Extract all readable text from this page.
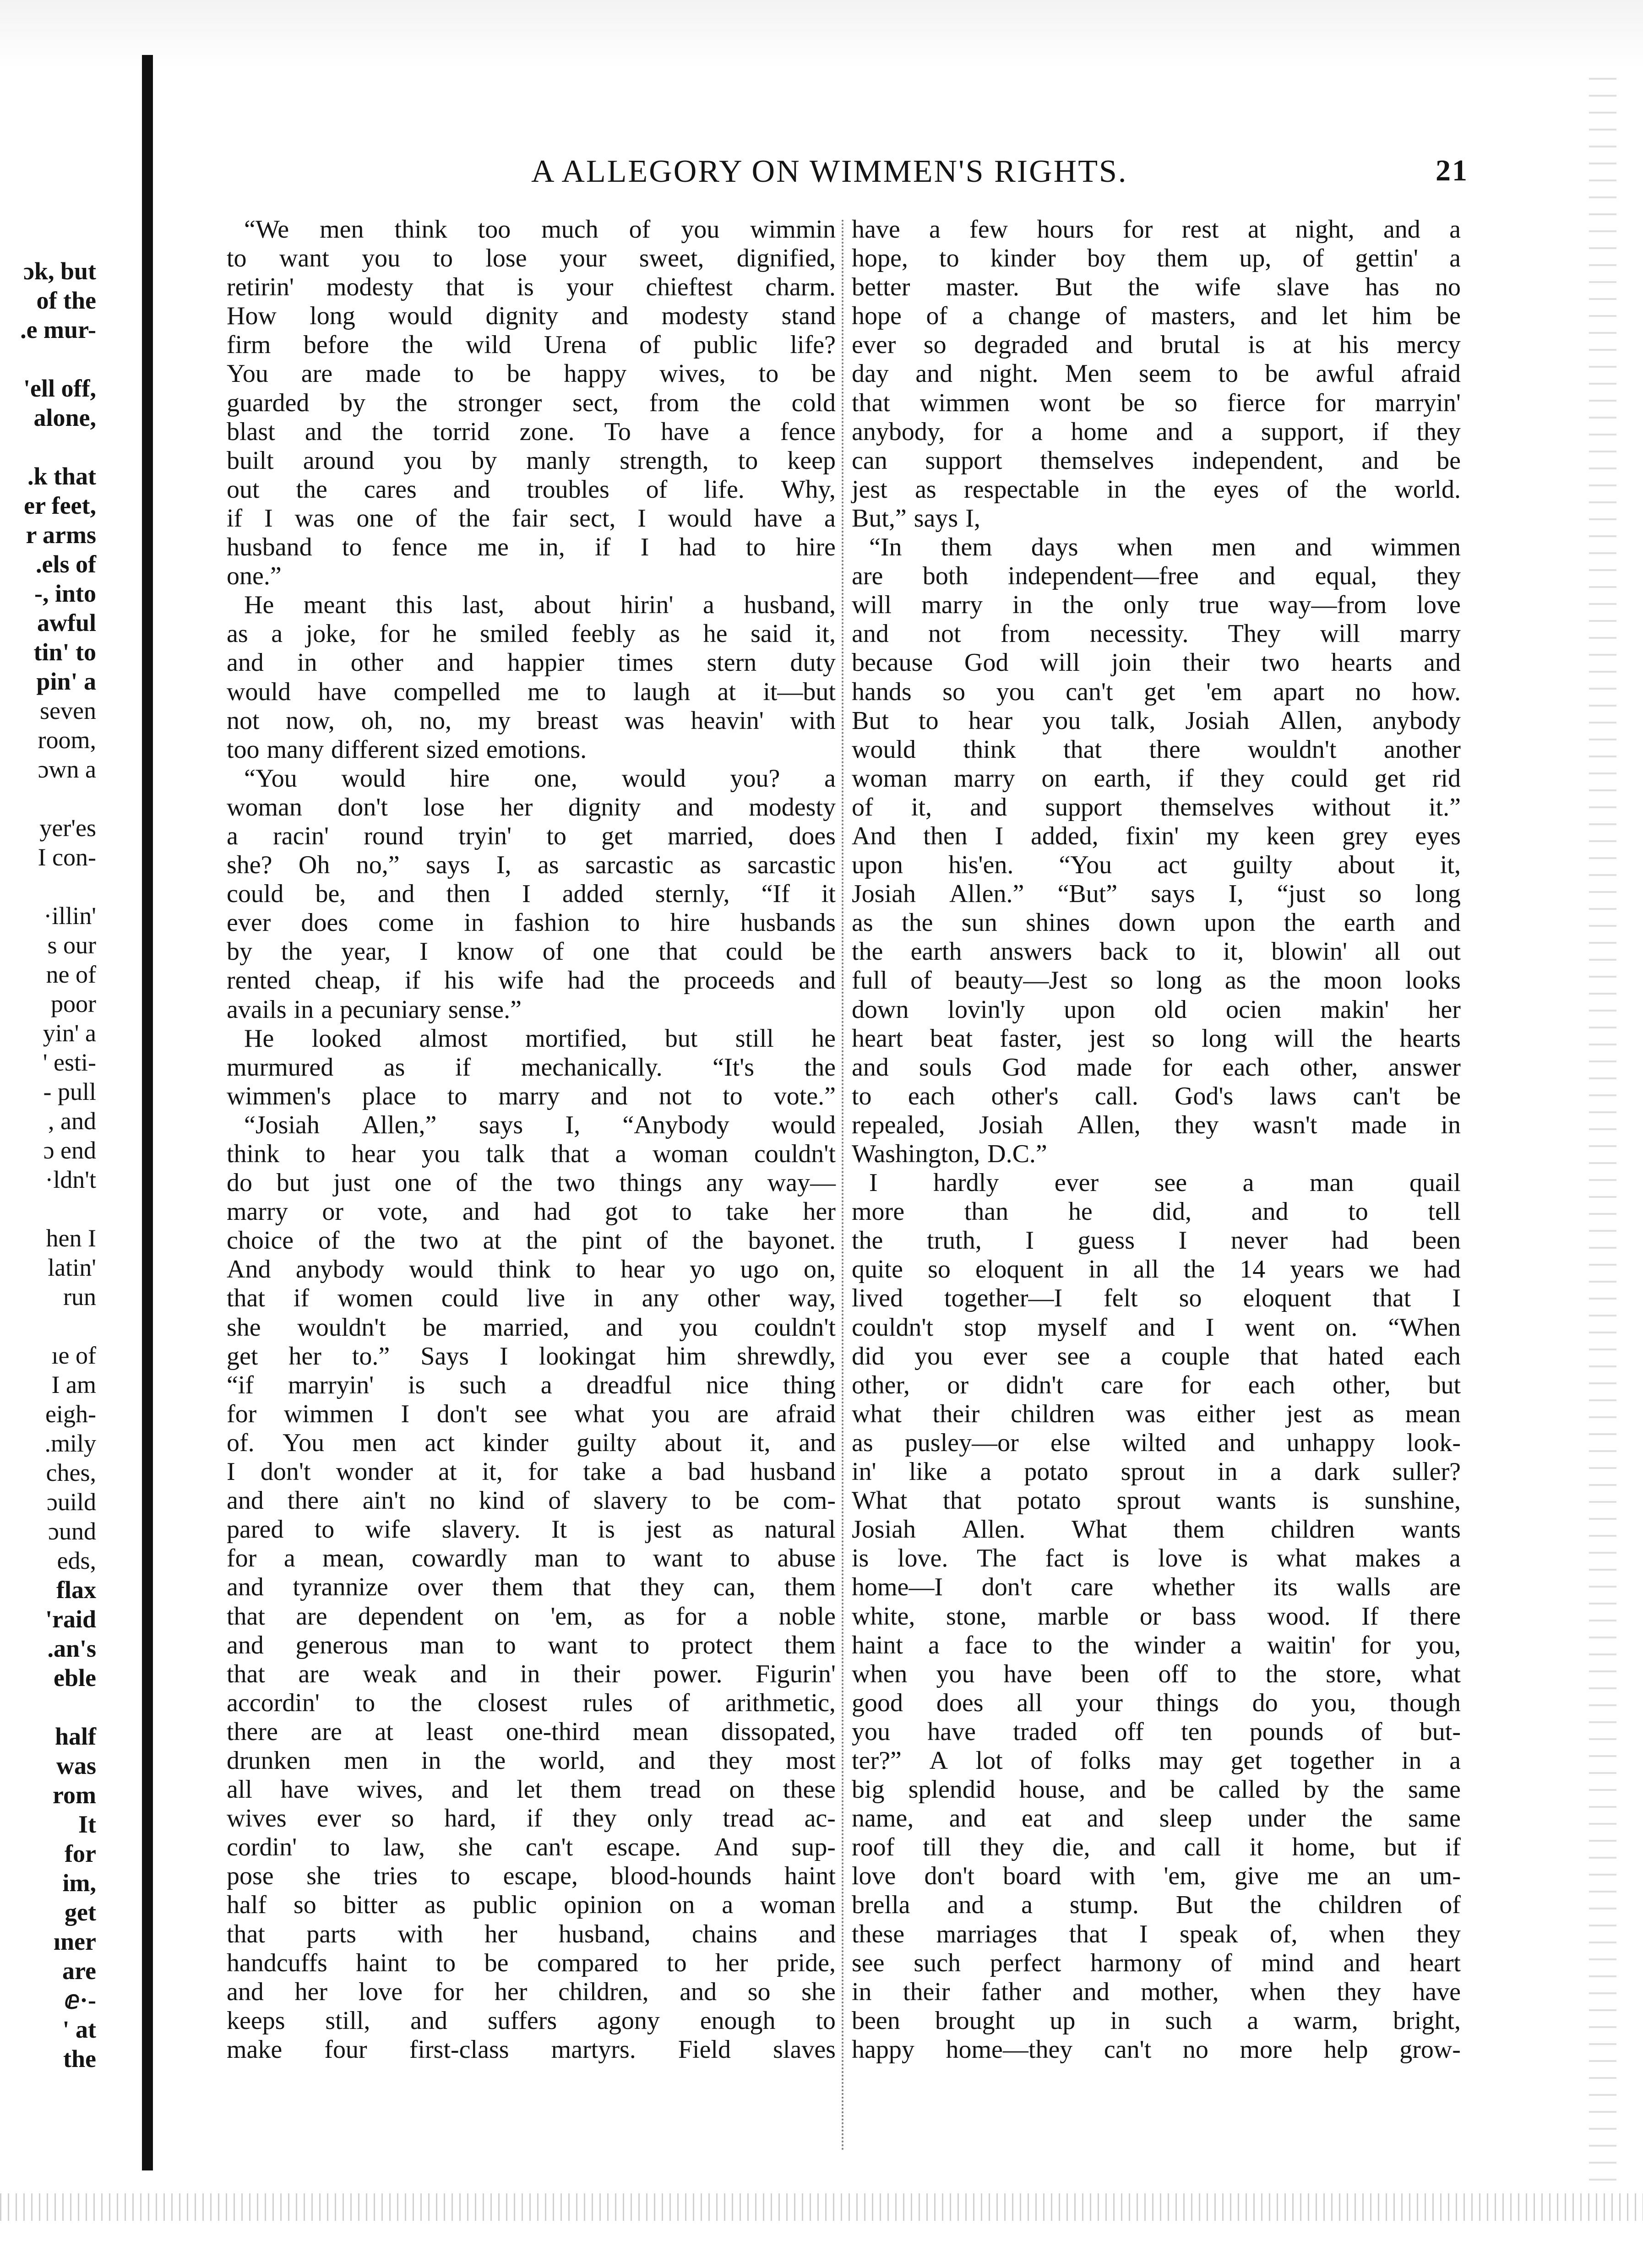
A ALLEGORY ON WIMMEN'S RIGHTS.	21
ɔk, but
of the
.e mur-
'ell off,
alone,
.k that
er feet,
r arms
.els of
-, into
awful
tin' to
pin' a
seven
room,
ɔwn a
yer'es
I con-
·illin'
s our
ne of
poor
yin' a
' esti-
- pull
, and
ɔ end
·ldn't
hen I
latin'
run
ıe of
I am
eigh-
.mily
ches,
ɔuild
ɔund
eds,
flax
'raid
.an's
eble
half
was
rom
It
for
im,
get
ıner
are
ⅇ·-
' at
the
“We men think too much of you wimmin
to want you to lose your sweet, dignified,
retirin' modesty that is your chieftest charm.
How long would dignity and modesty stand
firm before the wild Urena of public life?
You are made to be happy wives, to be
guarded by the stronger sect, from the cold
blast and the torrid zone. To have a fence
built around you by manly strength, to keep
out the cares and troubles of life. Why,
if I was one of the fair sect, I would have a
husband to fence me in, if I had to hire
one.”
He meant this last, about hirin' a husband,
as a joke, for he smiled feebly as he said it,
and in other and happier times stern duty
would have compelled me to laugh at it—but
not now, oh, no, my breast was heavin' with
too many different sized emotions.
“You would hire one, would you? a
woman don't lose her dignity and modesty
a racin' round tryin' to get married, does
she? Oh no,” says I, as sarcastic as sarcastic
could be, and then I added sternly, “If it
ever does come in fashion to hire husbands
by the year, I know of one that could be
rented cheap, if his wife had the proceeds and
avails in a pecuniary sense.”
He looked almost mortified, but still he
murmured as if mechanically. “It's the
wimmen's place to marry and not to vote.”
“Josiah Allen,” says I, “Anybody would
think to hear you talk that a woman couldn't
do but just one of the two things any way—
marry or vote, and had got to take her
choice of the two at the pint of the bayonet.
And anybody would think to hear yo ugo on,
that if women could live in any other way,
she wouldn't be married, and you couldn't
get her to.” Says I lookingat him shrewdly,
“if marryin' is such a dreadful nice thing
for wimmen I don't see what you are afraid
of. You men act kinder guilty about it, and
I don't wonder at it, for take a bad husband
and there ain't no kind of slavery to be com-
pared to wife slavery. It is jest as natural
for a mean, cowardly man to want to abuse
and tyrannize over them that they can, them
that are dependent on 'em, as for a noble
and generous man to want to protect them
that are weak and in their power. Figurin'
accordin' to the closest rules of arithmetic,
there are at least one-third mean dissopated,
drunken men in the world, and they most
all have wives, and let them tread on these
wives ever so hard, if they only tread ac-
cordin' to law, she can't escape. And sup-
pose she tries to escape, blood-hounds haint
half so bitter as public opinion on a woman
that parts with her husband, chains and
handcuffs haint to be compared to her pride,
and her love for her children, and so she
keeps still, and suffers agony enough to
make four first-class martyrs. Field slaves
have a few hours for rest at night, and a
hope, to kinder boy them up, of gettin' a
better master. But the wife slave has no
hope of a change of masters, and let him be
ever so degraded and brutal is at his mercy
day and night. Men seem to be awful afraid
that wimmen wont be so fierce for marryin'
anybody, for a home and a support, if they
can support themselves independent, and be
jest as respectable in the eyes of the world.
But,” says I,
“In them days when men and wimmen
are both independent—free and equal, they
will marry in the only true way—from love
and not from necessity. They will marry
because God will join their two hearts and
hands so you can't get 'em apart no how.
But to hear you talk, Josiah Allen, anybody
would think that there wouldn't another
woman marry on earth, if they could get rid
of it, and support themselves without it.”
And then I added, fixin' my keen grey eyes
upon his'en. “You act guilty about it,
Josiah Allen.” “But” says I, “just so long
as the sun shines down upon the earth and
the earth answers back to it, blowin' all out
full of beauty—Jest so long as the moon looks
down lovin'ly upon old ocien makin' her
heart beat faster, jest so long will the hearts
and souls God made for each other, answer
to each other's call. God's laws can't be
repealed, Josiah Allen, they wasn't made in
Washington, D.C.”
I hardly ever see a man quail
more than he did, and to tell
the truth, I guess I never had been
quite so eloquent in all the 14 years we had
lived together—I felt so eloquent that I
couldn't stop myself and I went on. “When
did you ever see a couple that hated each
other, or didn't care for each other, but
what their children was either jest as mean
as pusley—or else wilted and unhappy look-
in' like a potato sprout in a dark suller?
What that potato sprout wants is sunshine,
Josiah Allen. What them children wants
is love. The fact is love is what makes a
home—I don't care whether its walls are
white, stone, marble or bass wood. If there
haint a face to the winder a waitin' for you,
when you have been off to the store, what
good does all your things do you, though
you have traded off ten pounds of but-
ter?” A lot of folks may get together in a
big splendid house, and be called by the same
name, and eat and sleep under the same
roof till they die, and call it home, but if
love don't board with 'em, give me an um-
brella and a stump. But the children of
these marriages that I speak of, when they
see such perfect harmony of mind and heart
in their father and mother, when they have
been brought up in such a warm, bright,
happy home—they can't no more help grow-
